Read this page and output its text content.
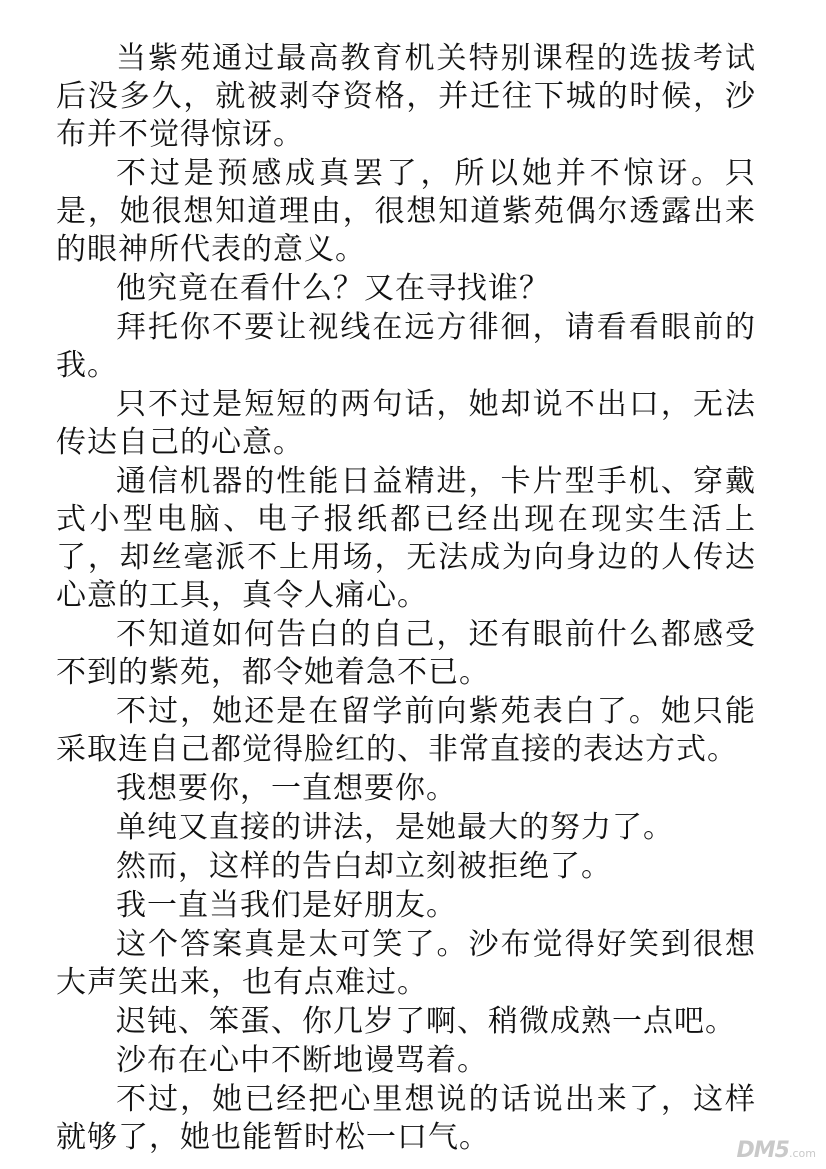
当紫苑通过最高教育机关特别课程的选拔考试后没多久，就被剥夺资格，并迁往下城的时候，沙布并不觉得惊讶。

不过是预感成真罢了，所以她并不惊讶。只是，她很想知道理由，很想知道紫苑偶尔透露出来的眼神所代表的意义。

他究竟在看什么？又在寻找谁？

拜托你不要让视线在远方徘徊，请看看眼前的我。

只不过是短短的两句话，她却说不出口，无法传达自己的心意。

通信机器的性能日益精进，卡片型手机、穿戴式小型电脑、电子报纸都已经出现在现实生活上了，却丝毫派不上用场，无法成为向身边的人传达心意的工具，真令人痛心。

不知道如何告白的自己，还有眼前什么都感受不到的紫苑，都令她着急不已。

不过，她还是在留学前向紫苑表白了。她只能采取连自己都觉得脸红的、非常直接的表达方式。

我想要你，一直想要你。

单纯又直接的讲法，是她最大的努力了。

然而，这样的告白却立刻被拒绝了。

我一直当我们是好朋友。

这个答案真是太可笑了。沙布觉得好笑到很想大声笑出来，也有点难过。

迟钝、笨蛋、你几岁了啊、稍微成熟一点吧。

沙布在心中不断地谩骂着。

不过，她已经把心里想说的话说出来了，这样就够了，她也能暂时松一口气。	DM5.com
